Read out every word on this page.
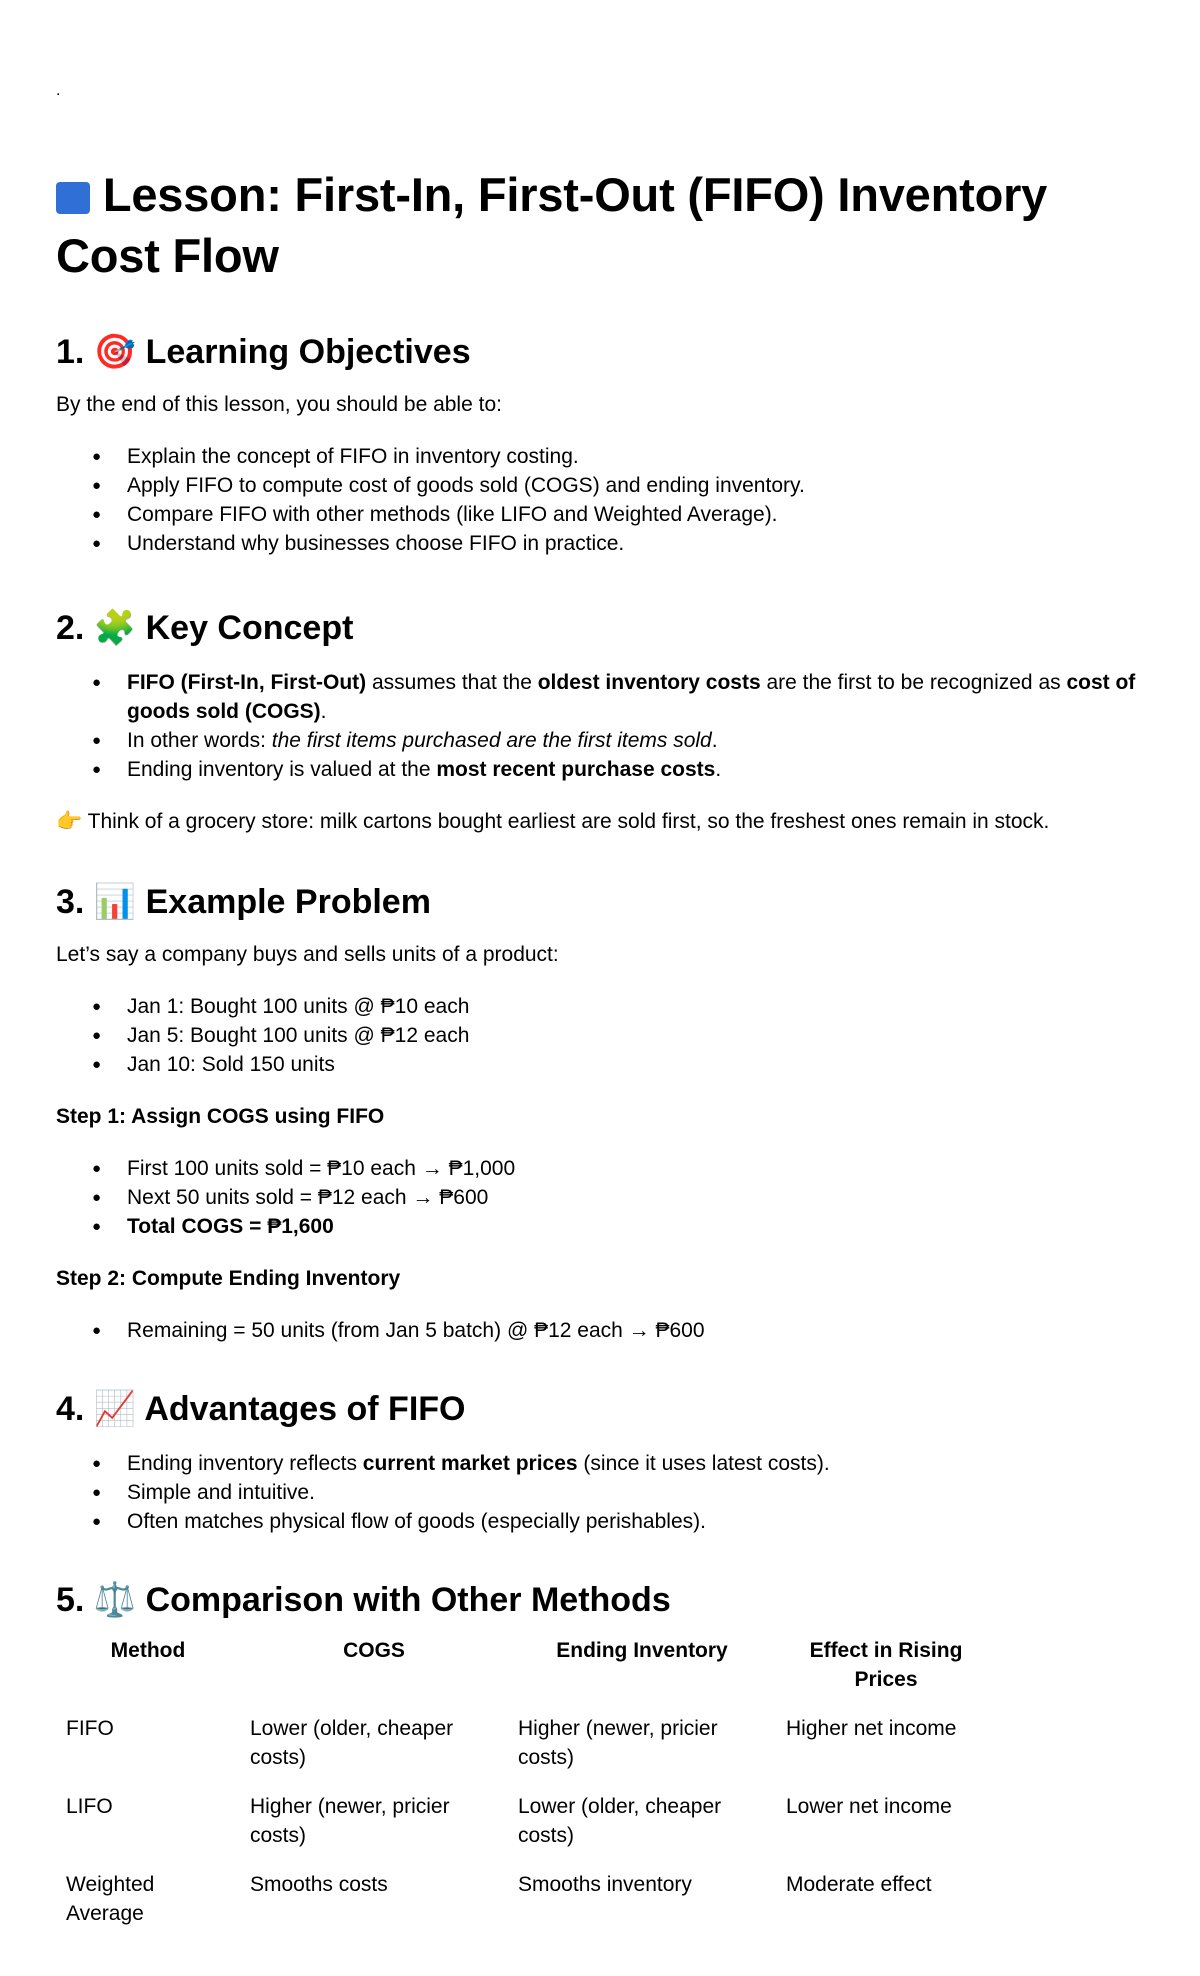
.

Lesson: First-In, First-Out (FIFO) Inventory Cost Flow
1. 🎯 Learning Objectives

By the end of this lesson, you should be able to:

● Explain the concept of FIFO in inventory costing.
● Apply FIFO to compute cost of goods sold (COGS) and ending inventory.
● Compare FIFO with other methods (like LIFO and Weighted Average).
● Understand why businesses choose FIFO in practice.
2. 🧩 Key Concept
● FIFO (First-In, First-Out) assumes that the oldest inventory costs are the first to be recognized as cost of goods sold (COGS).
● In other words: the first items purchased are the first items sold.
● Ending inventory is valued at the most recent purchase costs.

👉 Think of a grocery store: milk cartons bought earliest are sold first, so the freshest ones remain in stock.

3. 📊 Example Problem

Let’s say a company buys and sells units of a product:

● Jan 1: Bought 100 units @ ₱10 each
● Jan 5: Bought 100 units @ ₱12 each
● Jan 10: Sold 150 units

Step 1: Assign COGS using FIFO

● First 100 units sold = ₱10 each → ₱1,000
● Next 50 units sold = ₱12 each → ₱600
● Total COGS = ₱1,600

Step 2: Compute Ending Inventory

● Remaining = 50 units (from Jan 5 batch) @ ₱12 each → ₱600
4. 📈 Advantages of FIFO
● Ending inventory reflects current market prices (since it uses latest costs).
● Simple and intuitive.
● Often matches physical flow of goods (especially perishables).
5. ⚖️ Comparison with Other Methods
Method	COGS	Ending Inventory	Effect in Rising Prices
FIFO	Lower (older, cheaper costs)	Higher (newer, pricier costs)	Higher net income
LIFO	Higher (newer, pricier costs)	Lower (older, cheaper costs)	Lower net income
Weighted Average	Smooths costs	Smooths inventory	Moderate effect
